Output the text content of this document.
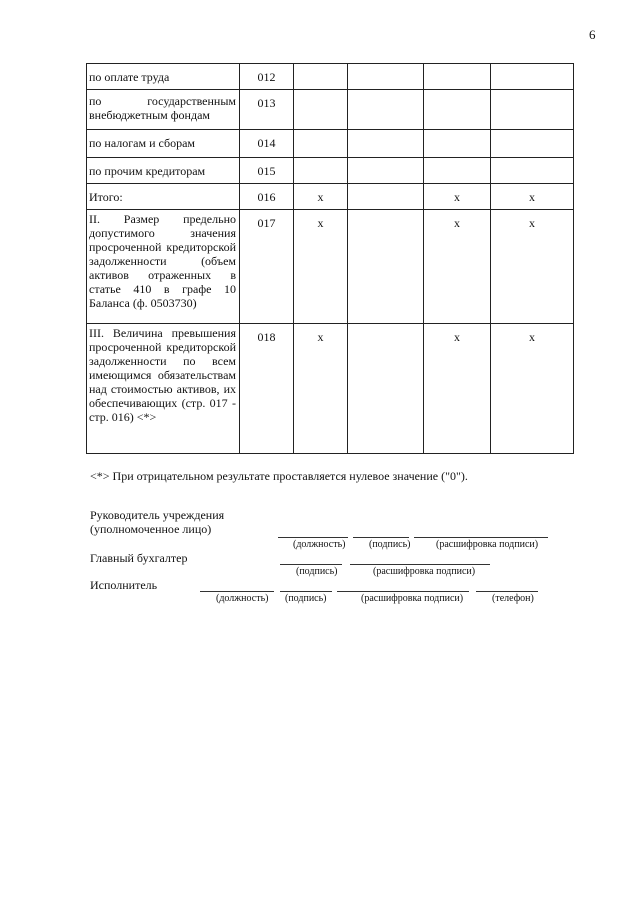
6
по оплате труда	012				
по государственным внебюджетным фондам	013				
по налогам и сборам	014				
по прочим кредиторам	015				
Итого:	016	х		х	х
II. Размер предельно допустимого значения просроченной кредиторской задолженности (объем активов отраженных в статье 410 в графе 10 Баланса (ф. 0503730)	017	х		х	х
III. Величина превышения просроченной кредиторской задолженности по всем имеющимся обязательствам над стоимостью активов, их обеспечивающих (стр. 017 - стр. 016) <*>	018	х		х	х
<*> При отрицательном результате проставляется нулевое значение ("0").
Руководитель учреждения
(уполномоченное лицо)
(должность) (подпись)	(расшифровка подписи)
Главный бухгалтер
(подпись)	(расшифровка подписи)
Исполнитель
(должность) (подпись)	(расшифровка подписи)	(телефон)
